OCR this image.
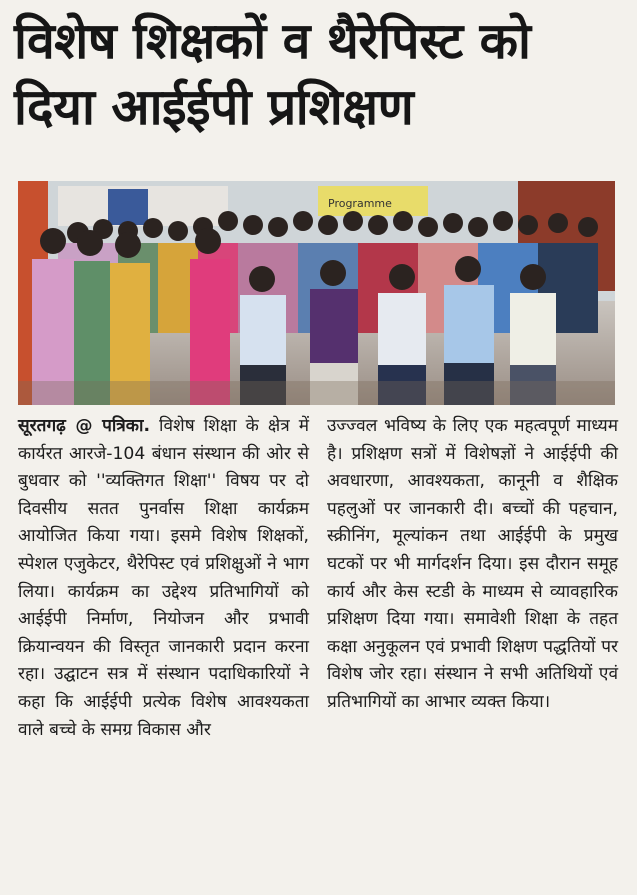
विशेष शिक्षकों व थैरेपिस्ट को
दिया आईईपी प्रशिक्षण
Programme

सूरतगढ़ @ पत्रिका. विशेष शिक्षा के क्षेत्र में कार्यरत आरजे-104 बंधान संस्थान की ओर से बुधवार को ''व्यक्तिगत शिक्षा'' विषय पर दो दिवसीय सतत पुनर्वास शिक्षा कार्यक्रम आयोजित किया गया। इसमे विशेष शिक्षकों, स्पेशल एजुकेटर, थैरेपिस्ट एवं प्रशिक्षुओं ने भाग लिया। कार्यक्रम का उद्देश्य प्रतिभागियों को आईईपी निर्माण, नियोजन और प्रभावी क्रियान्वयन की विस्तृत जानकारी प्रदान करना रहा। उद्घाटन सत्र में संस्थान पदाधिकारियों ने कहा कि आईईपी प्रत्येक विशेष आवश्यकता वाले बच्चे के समग्र विकास और

उज्ज्वल भविष्य के लिए एक महत्वपूर्ण माध्यम है। प्रशिक्षण सत्रों में विशेषज्ञों ने आईईपी की अवधारणा, आवश्यकता, कानूनी व शैक्षिक पहलुओं पर जानकारी दी। बच्चों की पहचान, स्क्रीनिंग, मूल्यांकन तथा आईईपी के प्रमुख घटकों पर भी मार्गदर्शन दिया। इस दौरान समूह कार्य और केस स्टडी के माध्यम से व्यावहारिक प्रशिक्षण दिया गया। समावेशी शिक्षा के तहत कक्षा अनुकूलन एवं प्रभावी शिक्षण पद्धतियों पर विशेष जोर रहा। संस्थान ने सभी अतिथियों एवं प्रतिभागियों का आभार व्यक्त किया।
